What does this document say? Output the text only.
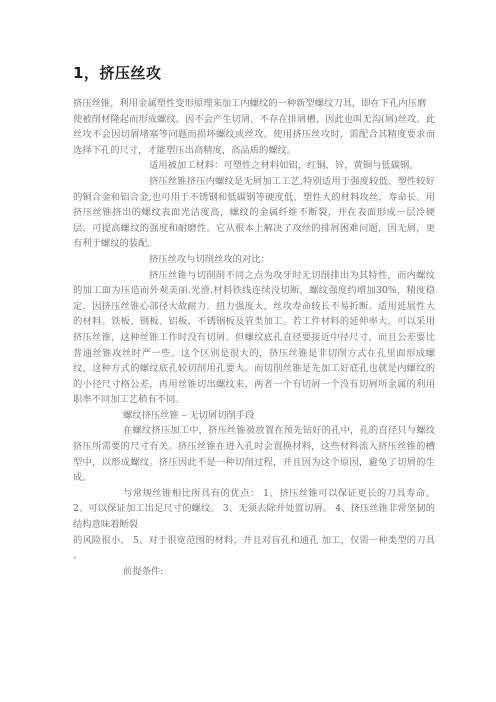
1，挤压丝攻

挤压丝锥，利用金属塑性变形原理来加工内螺纹的一种新型螺纹刀具，即在下孔内压磨

使被削材隆起而形成螺纹。因不会产生切屑，不存在排屑槽，因此也叫无沟(屑)丝攻。此丝攻不会因切屑堵塞等问题而损坏螺纹或丝攻。使用挤压丝攻时，需配合其精度要求而选择下孔的尺寸，才能塑压出高精度，高品质的螺纹。

适用被加工材料：可塑性之材料如铝，红铜，锌，黄铜与低碳钢。

挤压丝锥挤压内螺纹是无屑加工工艺,特别适用于强度较低、塑性较好的铜合金和铝合金,也可用于不锈钢和低碳钢等硬度低、塑性大的材料攻丝，寿命长。用挤压丝锥挤出的螺纹表面光洁度高，螺纹的金属纤维不断裂，并在表面形成一层冷硬层，可提高螺纹的强度和耐磨性。它从根本上解决了攻丝的排屑困难问题，因无屑，更有利于螺纹的装配。

挤压丝攻与切削丝攻的对比：

挤压丝锥与切削削不同之点为攻牙时无切削排出为其特性，而内螺纹的加工面为压造而外观美丽.光滑.材料铁线连续没切断，螺纹强度约增加30%，精度稳定，因挤压丝锥心部径大故耐力．扭力强度大，丝攻寿命较长不易折断。适用延展性大的材料。铁板、钢板、铝板、不锈钢板及管类加工。若工件材料的延伸率大，可以采用挤压丝锥，这种丝锥工作时没有切屑。但螺纹底孔直径要接近中径尺寸，而且公差要比普通丝锥攻丝时严一些。这个区别是很大的，挤压丝锥是非切削方式在孔里面形成螺纹，这种方式的螺纹底孔较切削用孔要大。而切削丝锥是先加工好底孔也就是内螺纹的的小径尺寸格公差，再用丝锥切出螺纹来，两者一个有切屑一个没有切屑所金属的利用职率不同加工艺稍有不同。

螺纹挤压丝锥 – 无切屑切削手段

在螺纹挤压加工中，挤压丝锥被放置在预先钻好的孔中，孔的直径只与螺纹挤压所需要的尺寸有关。挤压丝锥在进入孔时会置换材料，这些材料流入挤压丝锥的槽型中，以形成螺纹。挤压因此不是一种切削过程，并且因为这个原因，避免了切屑的生成。

与常规丝锥相比所具有的优点： 1、挤压丝锥可以保证更长的刀具寿命。 2、可以保证加工出足尺寸的螺纹。 3、无须去除并处置切屑。 4、挤压丝锥非常坚韧的结构意味着断裂

的风险很小。 5、对于很宽范围的材料，并且对盲孔和通孔 加工，仅需一种类型的刀具 。

前提条件:
